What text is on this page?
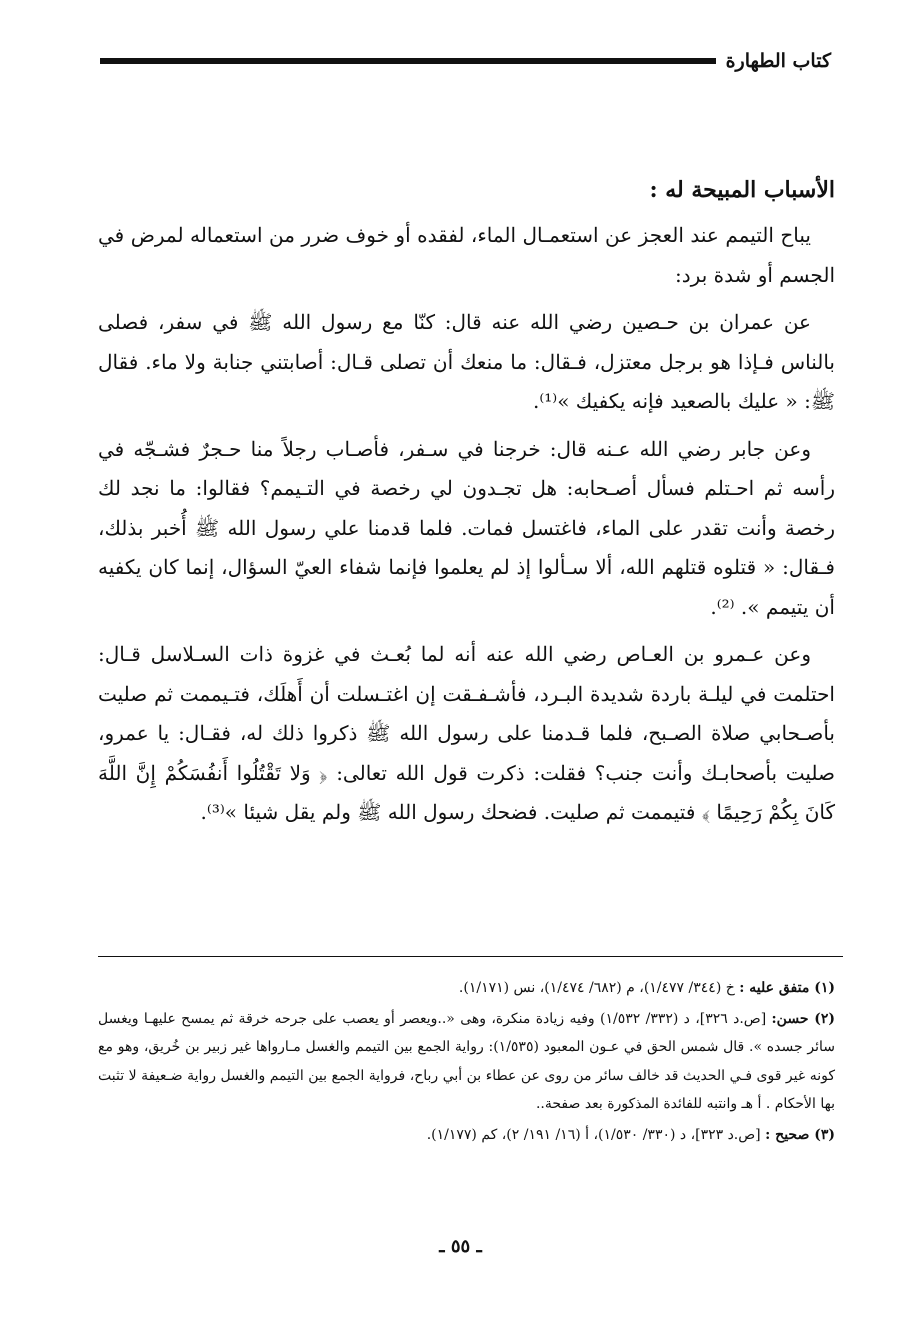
كتاب الطهارة
الأسباب المبيحة له :

يباح التيمم عند العجز عن استعمـال الماء، لفقده أو خوف ضرر من استعماله لمرض في الجسم أو شدة برد:

عن عمران بن حـصين رضي الله عنه قال: كنّا مع رسول الله ﷺ في سفر، فصلى بالناس فـإذا هو برجل معتزل، فـقال: ما منعك أن تصلى قـال: أصابتني جنابة ولا ماء. فقال ﷺ: « عليك بالصعيد فإنه يكفيك »⁽¹⁾.

وعن جابر رضي الله عـنه قال: خرجنا في سـفر، فأصـاب رجلاً منا حـجرٌ فشـجّه في رأسه ثم احـتلم فسأل أصـحابه: هل تجـدون لي رخصة في التـيمم؟ فقالوا: ما نجد لك رخصة وأنت تقدر على الماء، فاغتسل فمات. فلما قدمنا علي رسول الله ﷺ أُخبر بذلك، فـقال: « قتلوه قتلهم الله، ألا سـألوا إذ لم يعلموا فإنما شفاء العيّ السؤال، إنما كان يكفيه أن يتيمم ». ⁽²⁾.

وعن عـمرو بن العـاص رضي الله عنه أنه لما بُعـث في غزوة ذات السـلاسل قـال: احتلمت في ليلـة باردة شديدة البـرد، فأشـفـقت إن اغتـسلت أن أَهلَك، فتـيممت ثم صليت بأصـحابي صلاة الصـبح، فلما قـدمنا على رسول الله ﷺ ذكروا ذلك له، فقـال: يا عمرو، صليت بأصحابـك وأنت جنب؟ فقلت: ذكرت قول الله تعالى: ﴿ وَلا تَقْتُلُوا أَنفُسَكُمْ إِنَّ اللَّهَ كَانَ بِكُمْ رَحِيمًا ﴾ فتيممت ثم صليت. فضحك رسول الله ﷺ ولم يقل شيئا »⁽³⁾.

(١) متفق عليه : خ (٣٤٤/ ١/٤٧٧)، م (٦٨٢/ ١/٤٧٤)، نس (١/١٧١).

(٢) حسن: [ص.د ٣٢٦]، د (٣٣٢/ ١/٥٣٢) وفيه زيادة منكرة، وهى «..ويعصر أو يعصب على جرحه خرقة ثم يمسح عليهـا ويغسل سائر جسده ». قال شمس الحق في عـون المعبود (١/٥٣٥): رواية الجمع بين التيمم والغسل مـارواها غير زبير بن خُريق، وهو مع كونه غير قوى فـي الحديث قد خالف سائر من روى عن عطاء بن أبي رباح، فرواية الجمع بين التيمم والغسل رواية ضـعيفة لا تثبت بها الأحكام . أ هـ وانتبه للفائدة المذكورة بعد صفحة..

(٣) صحيح : [ص.د ٣٢٣]، د (٣٣٠/ ١/٥٣٠)، أ (١٦/ ١٩١/ ٢)، كم (١/١٧٧).

ـ ٥٥ ـ
